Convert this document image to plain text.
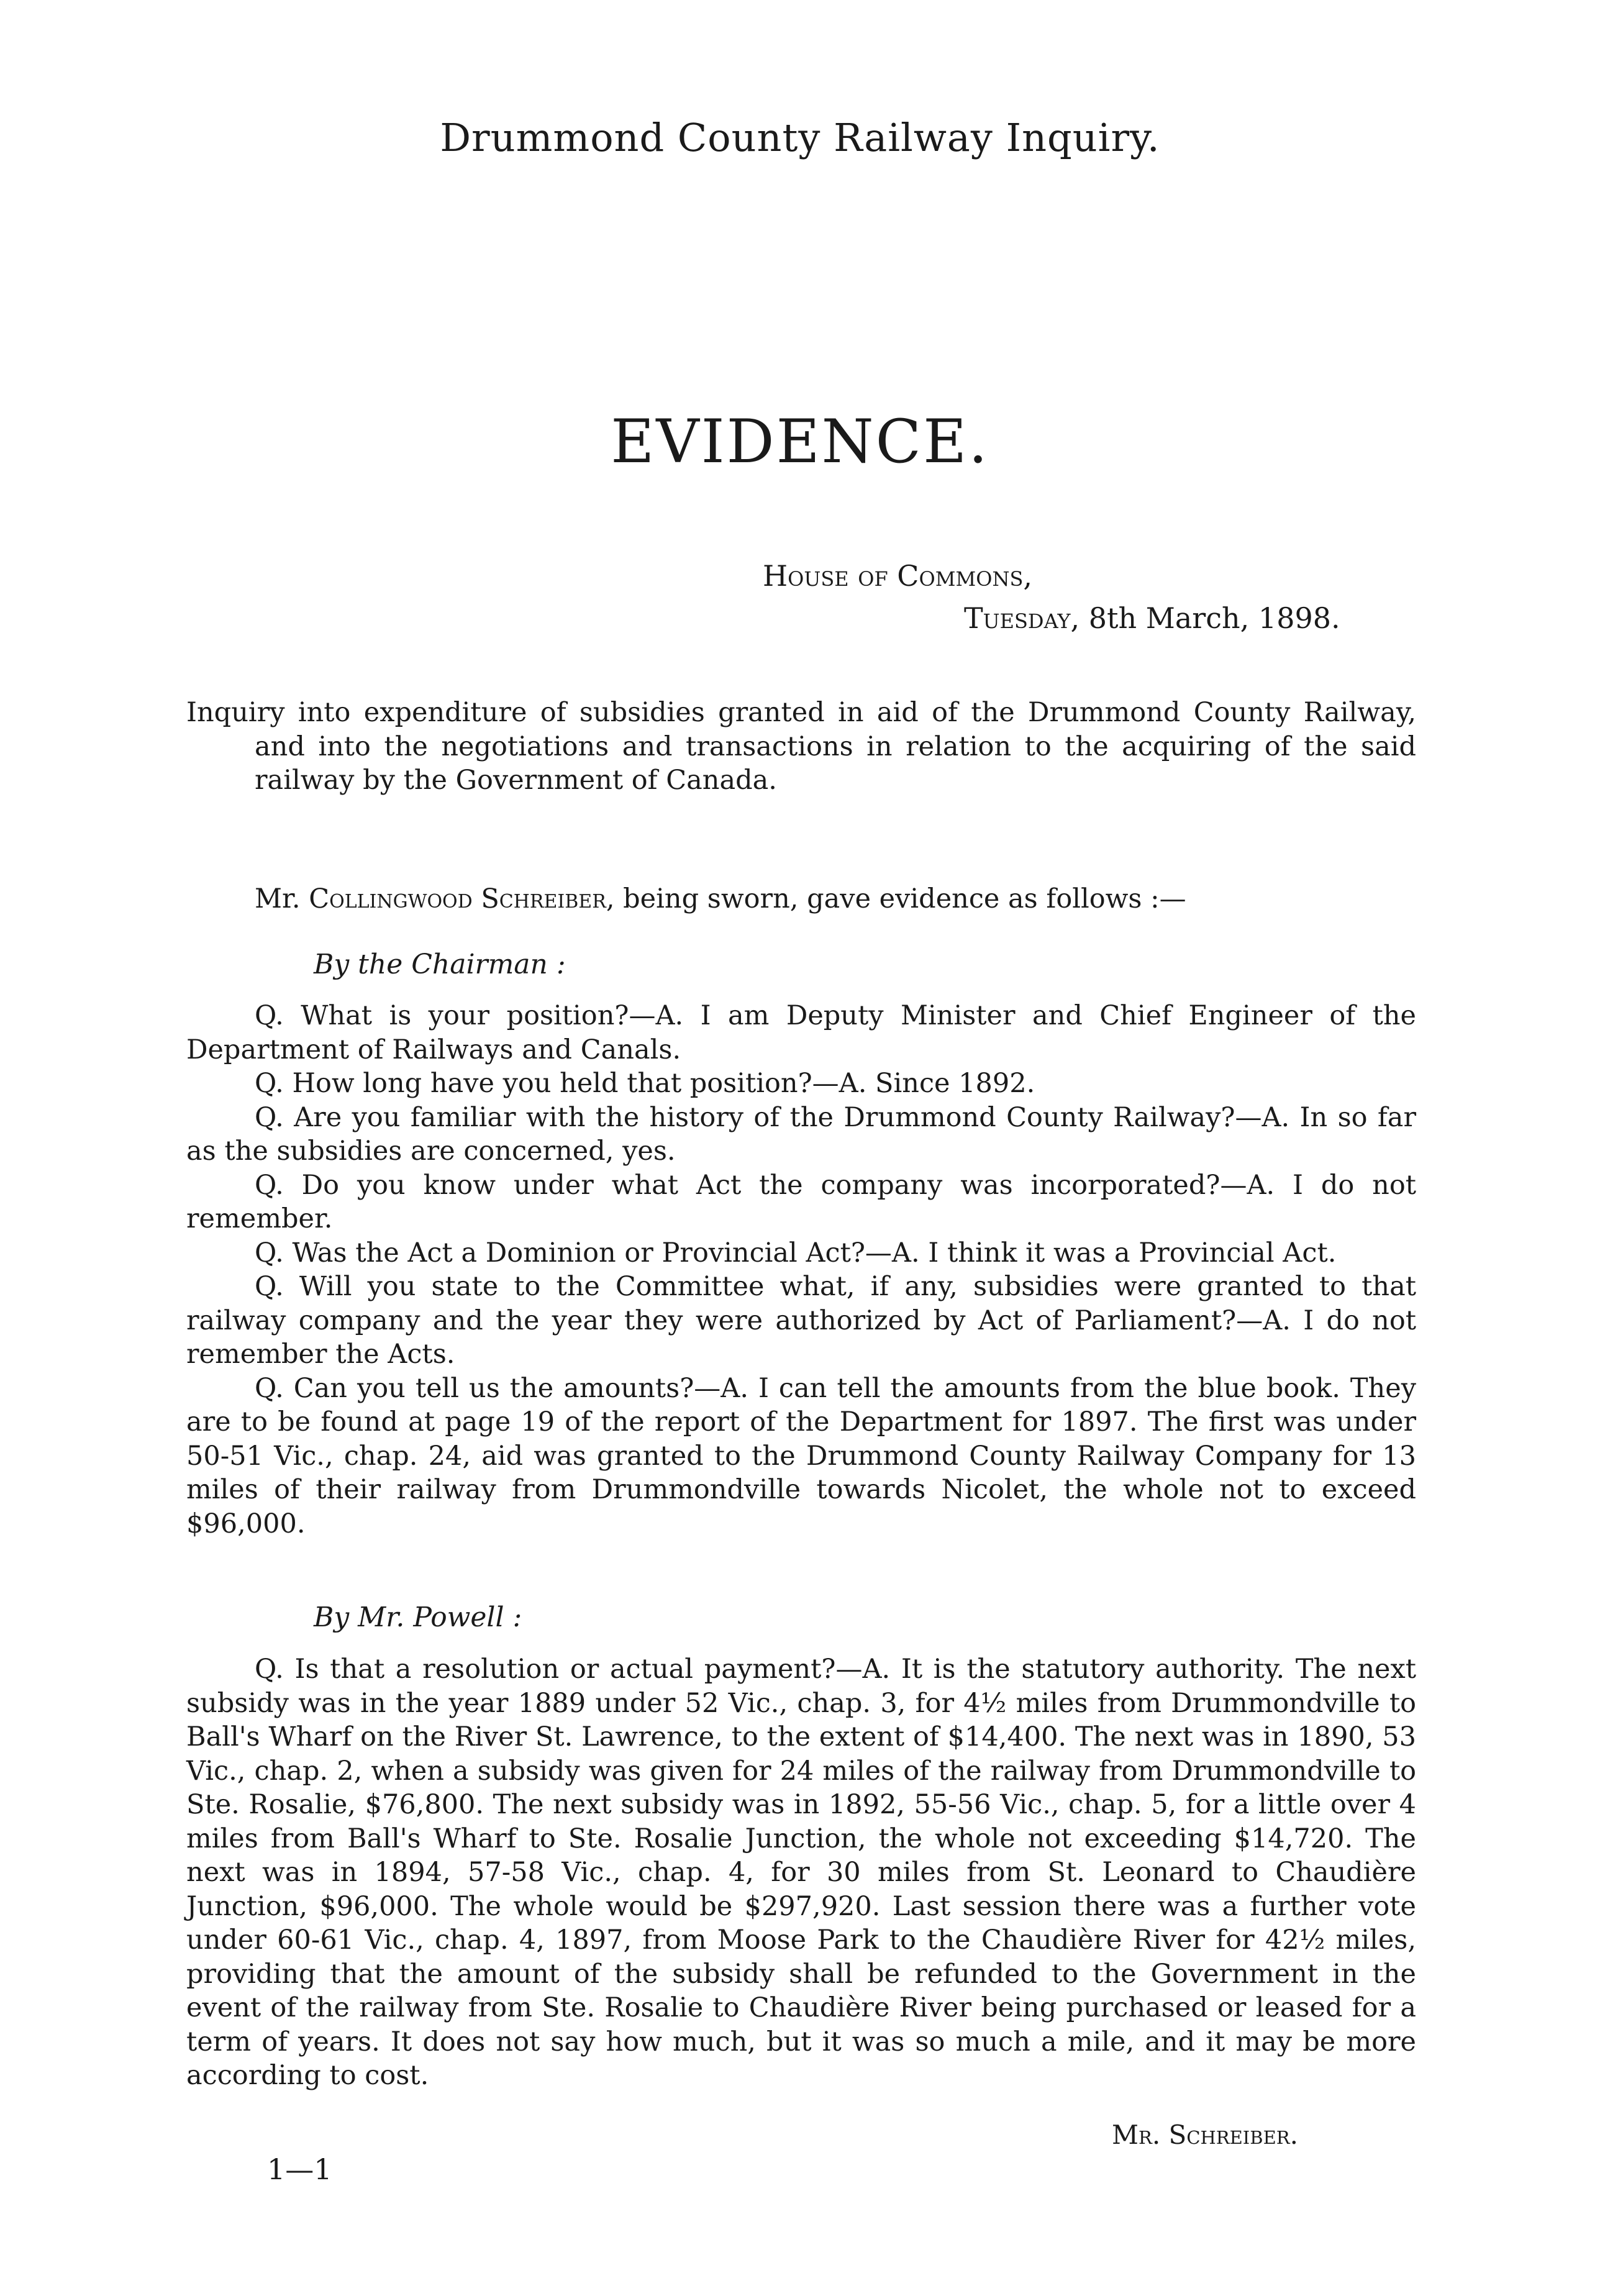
Drummond County Railway Inquiry.
EVIDENCE.
House of Commons,
Tuesday, 8th March, 1898.

Inquiry into expenditure of subsidies granted in aid of the Drummond County Railway, and into the negotiations and transactions in relation to the acquiring of the said railway by the Government of Canada.

Mr. Collingwood Schreiber, being sworn, gave evidence as follows :—

By the Chairman :

Q. What is your position?—A. I am Deputy Minister and Chief Engineer of the Department of Railways and Canals.

Q. How long have you held that position?—A. Since 1892.

Q. Are you familiar with the history of the Drummond County Railway?—A. In so far as the subsidies are concerned, yes.

Q. Do you know under what Act the company was incorporated?—A. I do not remember.

Q. Was the Act a Dominion or Provincial Act?—A. I think it was a Provincial Act.

Q. Will you state to the Committee what, if any, subsidies were granted to that railway company and the year they were authorized by Act of Parliament?—A. I do not remember the Acts.

Q. Can you tell us the amounts?—A. I can tell the amounts from the blue book. They are to be found at page 19 of the report of the Department for 1897. The first was under 50-51 Vic., chap. 24, aid was granted to the Drummond County Railway Company for 13 miles of their railway from Drummondville towards Nicolet, the whole not to exceed $96,000.

By Mr. Powell :

Q. Is that a resolution or actual payment?—A. It is the statutory authority. The next subsidy was in the year 1889 under 52 Vic., chap. 3, for 4½ miles from Drummondville to Ball's Wharf on the River St. Lawrence, to the extent of $14,400. The next was in 1890, 53 Vic., chap. 2, when a subsidy was given for 24 miles of the railway from Drummondville to Ste. Rosalie, $76,800. The next subsidy was in 1892, 55-56 Vic., chap. 5, for a little over 4 miles from Ball's Wharf to Ste. Rosalie Junction, the whole not exceeding $14,720. The next was in 1894, 57-58 Vic., chap. 4, for 30 miles from St. Leonard to Chaudière Junction, $96,000. The whole would be $297,920. Last session there was a further vote under 60-61 Vic., chap. 4, 1897, from Moose Park to the Chaudière River for 42½ miles, providing that the amount of the subsidy shall be refunded to the Government in the event of the railway from Ste. Rosalie to Chaudière River being purchased or leased for a term of years. It does not say how much, but it was so much a mile, and it may be more according to cost.

Mr. Schreiber.
1—1
